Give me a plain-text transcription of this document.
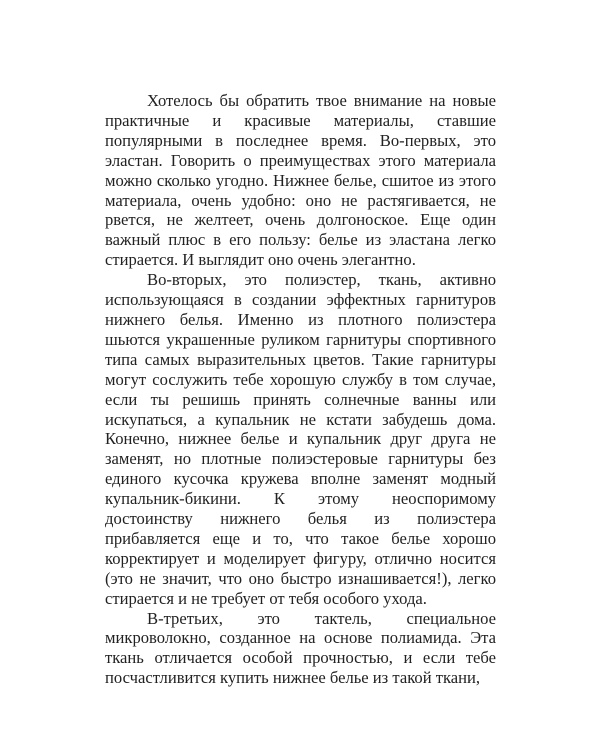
Хотелось бы обратить твое внимание на новые практичные и красивые материалы, ставшие популярными в последнее время. Во-первых, это эластан. Говорить о преимуществах этого материала можно сколько угодно. Нижнее белье, сшитое из этого материала, очень удобно: оно не растягивается, не рвется, не желтеет, очень долгоноское. Еще один важный плюс в его пользу: белье из эластана легко стирается. И выглядит оно очень элегантно.

Во-вторых, это полиэстер, ткань, активно использующаяся в создании эффектных гарнитуров нижнего белья. Именно из плотного полиэстера шьются украшенные руликом гарнитуры спортивного типа самых выразительных цветов. Такие гарнитуры могут сослужить тебе хорошую службу в том случае, если ты решишь принять солнечные ванны или искупаться, а купальник не кстати забудешь дома. Конечно, нижнее белье и купальник друг друга не заменят, но плотные полиэстеровые гарнитуры без единого кусочка кружева вполне заменят модный купальник-бикини. К этому неоспоримому достоинству нижнего белья из полиэстера прибавляется еще и то, что такое белье хорошо корректирует и моделирует фигуру, отлично носится (это не значит, что оно быстро изнашивается!), легко стирается и не требует от тебя особого ухода.

В-третьих, это тактель, специальное микроволокно, созданное на основе полиамида. Эта ткань отличается особой прочностью, и если тебе посчастливится купить нижнее белье из такой ткани,
